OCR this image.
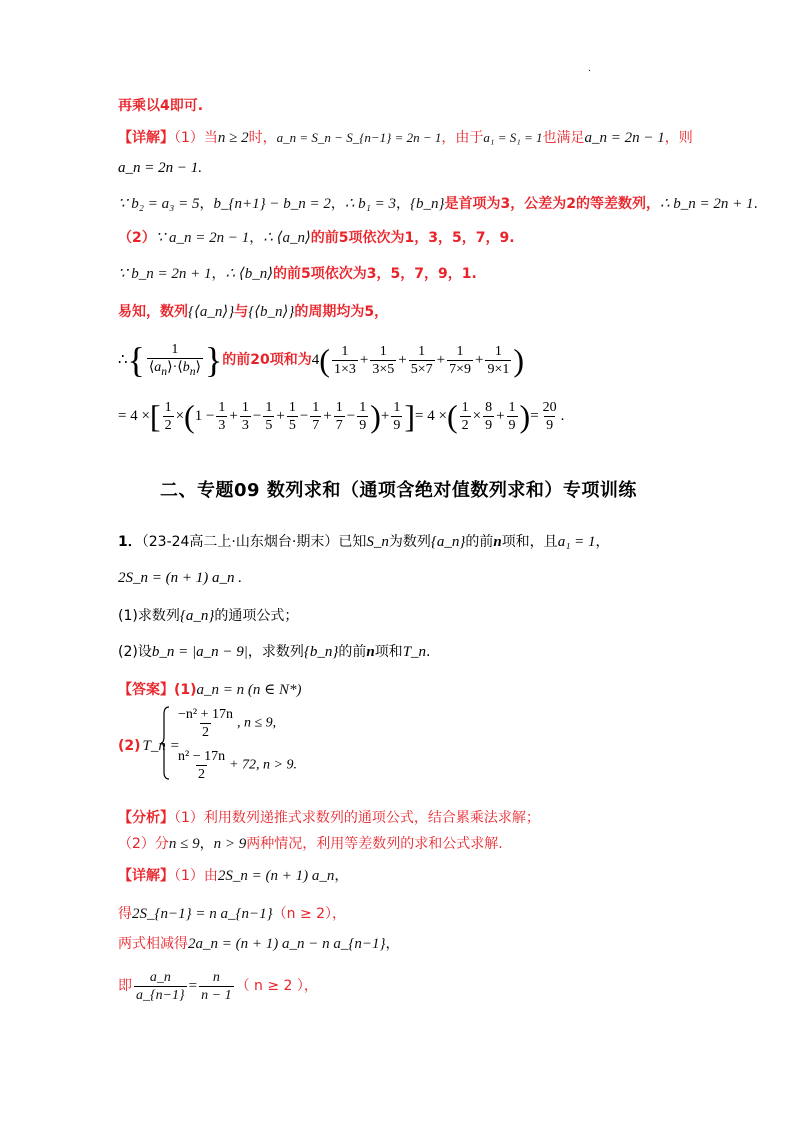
.
再乘以4即可.
【详解】（1）当n ≥ 2时，a_n = S_n − S_{n−1} = 2n − 1，由于a₁ = S₁ = 1也满足a_n = 2n − 1，则
a_n = 2n − 1.
∵ b₂ = a₃ = 5，b_{n+1} − b_n = 2，∴ b₁ = 3，{b_n}是首项为3，公差为2的等差数列，∴ b_n = 2n + 1.
（2）∵ a_n = 2n − 1，∴ ⟨a_n⟩的前5项依次为1，3，5，7，9.
∵ b_n = 2n + 1，∴ ⟨b_n⟩的前5项依次为3，5，7，9，1.
易知，数列{⟨a_n⟩}与{⟨b_n⟩}的周期均为5，
∴{ $\frac{1}{⟨a_n⟩\cdot⟨b_n⟩}$ }的前20项和为$4( \frac{1}{1\times 3} + \frac{1}{3\times 5} + \frac{1}{5\times 7} + \frac{1}{7\times 9} + \frac{1}{9\times 1}$ )
= 4 ×[ $\frac{1}{2} \times(1 - \frac{1}{3} + \frac{1}{3} - \frac{1}{5} + \frac{1}{5} - \frac{1}{7} + \frac{1}{7} - \frac{1}{9}$ )+ $\frac{1}{9}$ ]= 4 ×( $\frac{1}{2} \times \frac{8}{9} + \frac{1}{9}$ )= $\frac{20}{9}$ .
二、专题09 数列求和（通项含绝对值数列求和）专项训练
1．（23-24高二上·山东烟台·期末）已知S_n为数列{a_n}的前n项和，且a₁ = 1，
2S_n = (n + 1) a_n .
(1)求数列{a_n}的通项公式；
(2)设b_n = |a_n − 9|，求数列{b_n}的前n项和T_n.
【答案】(1)a_n = n (n ∈ N*)
(2) T_n =
$\frac{\text{−n² + 17n}}{2}$ , n ≤ 9,
$\frac{\text{n² − 17n}}{2} + 72$, n > 9.
【分析】（1）利用数列递推式求数列的通项公式，结合累乘法求解；
（2）分n ≤ 9，n > 9两种情况，利用等差数列的求和公式求解.
【详解】（1）由2S_n = (n + 1) a_n，
得2S_{n−1} = n a_{n−1}（n ≥ 2），
两式相减得2a_n = (n + 1) a_n − n a_{n−1}，
即 $\frac{a\_n}{a\_\{n-1\}} = \frac{n}{n - 1}$ （ n ≥ 2 ），
